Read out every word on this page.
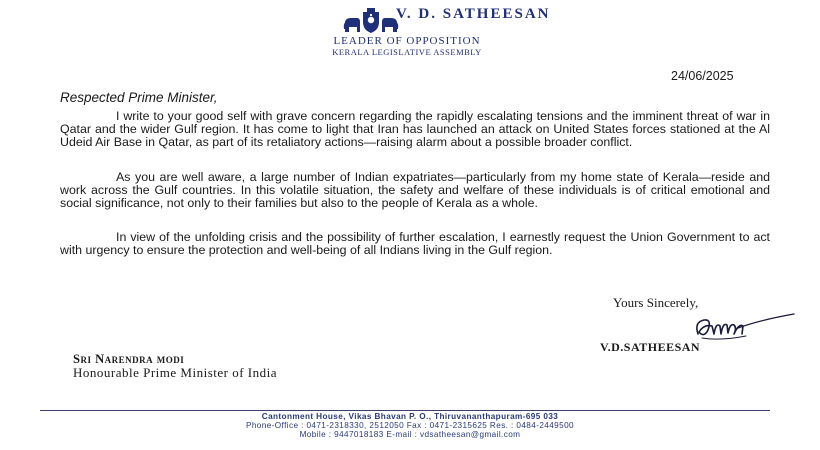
V. D. SATHEESAN
LEADER OF OPPOSITION
KERALA LEGISLATIVE ASSEMBLY
24/06/2025
Respected Prime Minister,

I write to your good self with grave concern regarding the rapidly escalating tensions and the imminent threat of war in Qatar and the wider Gulf region. It has come to light that Iran has launched an attack on United States forces stationed at the Al Udeid Air Base in Qatar, as part of its retaliatory actions—raising alarm about a possible broader conflict.

As you are well aware, a large number of Indian expatriates—particularly from my home state of Kerala—reside and work across the Gulf countries. In this volatile situation, the safety and welfare of these individuals is of critical emotional and social significance, not only to their families but also to the people of Kerala as a whole.

In view of the unfolding crisis and the possibility of further escalation, I earnestly request the Union Government to act with urgency to ensure the protection and well-being of all Indians living in the Gulf region.

Yours Sincerely,
V.D.SATHEESAN
Sri Narendra modi
Honourable Prime Minister of India
Cantonment House, Vikas Bhavan P. O., Thiruvananthapuram-695 033
Phone-Office : 0471-2318330, 2512050 Fax : 0471-2315625 Res. : 0484-2449500
Mobile : 9447018183 E-mail : vdsatheesan@gmail.com
